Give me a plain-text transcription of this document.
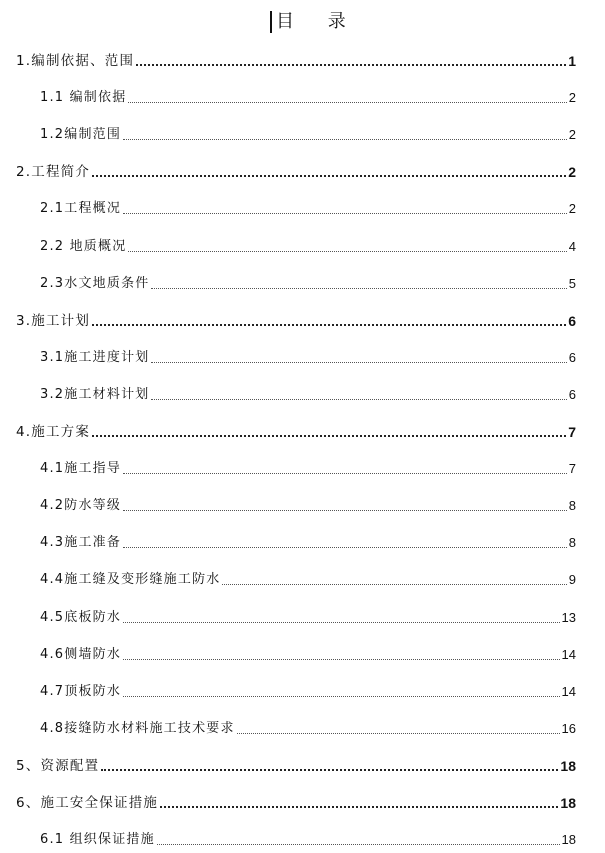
目 录
1.编制依据、范围	1
1.1 编制依据	2
1.2编制范围	2
2.工程简介	2
2.1工程概况	2
2.2 地质概况	4
2.3水文地质条件	5
3.施工计划	6
3.1施工进度计划	6
3.2施工材料计划	6
4.施工方案	7
4.1施工指导	7
4.2防水等级	8
4.3施工准备	8
4.4施工缝及变形缝施工防水	9
4.5底板防水	13
4.6侧墙防水	14
4.7顶板防水	14
4.8接缝防水材料施工技术要求	16
5、资源配置	18
6、施工安全保证措施	18
6.1 组织保证措施	18
